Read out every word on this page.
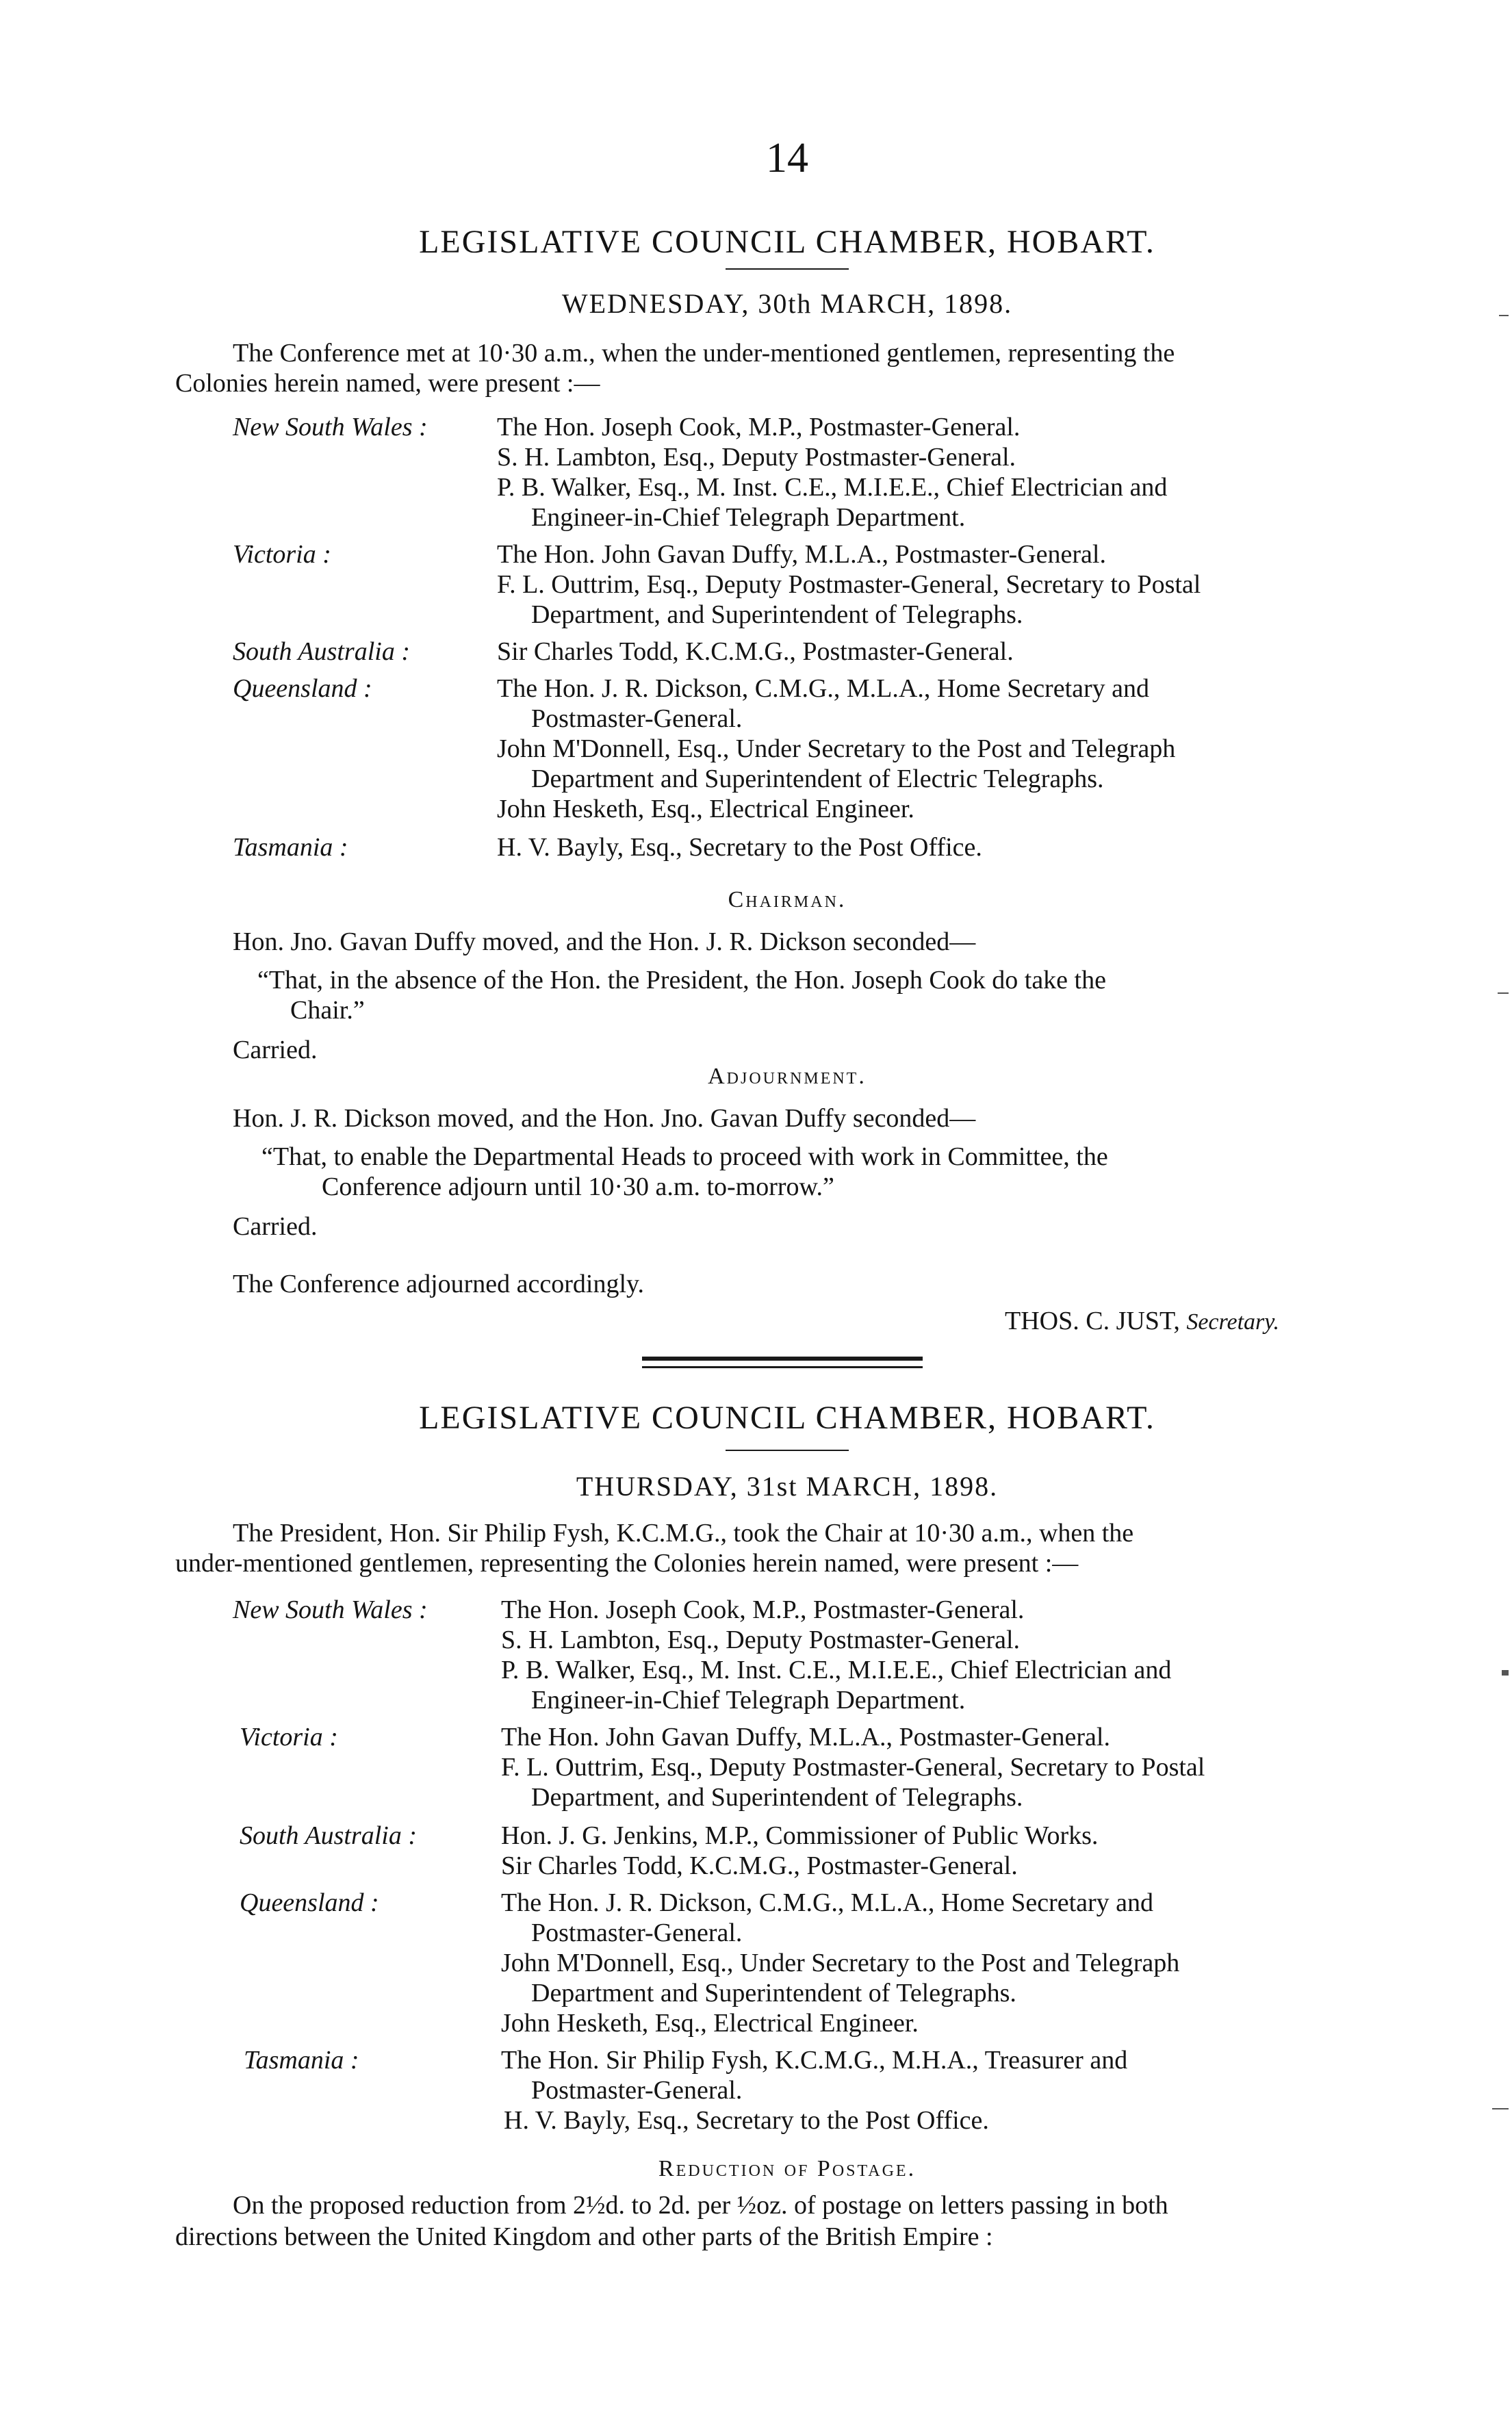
14
LEGISLATIVE COUNCIL CHAMBER, HOBART.
WEDNESDAY, 30th MARCH, 1898.
The Conference met at 10·30 a.m., when the under-mentioned gentlemen, representing the
Colonies herein named, were present :—
New South Wales :	The Hon. Joseph Cook, M.P., Postmaster-General.
S. H. Lambton, Esq., Deputy Postmaster-General.
P. B. Walker, Esq., M. Inst. C.E., M.I.E.E., Chief Electrician and
Engineer-in-Chief Telegraph Department.
Victoria :	The Hon. John Gavan Duffy, M.L.A., Postmaster-General.
F. L. Outtrim, Esq., Deputy Postmaster-General, Secretary to Postal
Department, and Superintendent of Telegraphs.
South Australia :	Sir Charles Todd, K.C.M.G., Postmaster-General.
Queensland :	The Hon. J. R. Dickson, C.M.G., M.L.A., Home Secretary and
Postmaster-General.
John M'Donnell, Esq., Under Secretary to the Post and Telegraph
Department and Superintendent of Electric Telegraphs.
John Hesketh, Esq., Electrical Engineer.
Tasmania :	H. V. Bayly, Esq., Secretary to the Post Office.
Chairman.
Hon. Jno. Gavan Duffy moved, and the Hon. J. R. Dickson seconded—
“That, in the absence of the Hon. the President, the Hon. Joseph Cook do take the
Chair.”
Carried.
Adjournment.
Hon. J. R. Dickson moved, and the Hon. Jno. Gavan Duffy seconded—
“That, to enable the Departmental Heads to proceed with work in Committee, the
Conference adjourn until 10·30 a.m. to-morrow.”
Carried.
The Conference adjourned accordingly.
THOS. C. JUST, Secretary.
LEGISLATIVE COUNCIL CHAMBER, HOBART.
THURSDAY, 31st MARCH, 1898.
The President, Hon. Sir Philip Fysh, K.C.M.G., took the Chair at 10·30 a.m., when the
under-mentioned gentlemen, representing the Colonies herein named, were present :—
New South Wales :	The Hon. Joseph Cook, M.P., Postmaster-General.
S. H. Lambton, Esq., Deputy Postmaster-General.
P. B. Walker, Esq., M. Inst. C.E., M.I.E.E., Chief Electrician and
Engineer-in-Chief Telegraph Department.
Victoria :	The Hon. John Gavan Duffy, M.L.A., Postmaster-General.
F. L. Outtrim, Esq., Deputy Postmaster-General, Secretary to Postal
Department, and Superintendent of Telegraphs.
South Australia :	Hon. J. G. Jenkins, M.P., Commissioner of Public Works.
Sir Charles Todd, K.C.M.G., Postmaster-General.
Queensland :	The Hon. J. R. Dickson, C.M.G., M.L.A., Home Secretary and
Postmaster-General.
John M'Donnell, Esq., Under Secretary to the Post and Telegraph
Department and Superintendent of Telegraphs.
John Hesketh, Esq., Electrical Engineer.
Tasmania :	The Hon. Sir Philip Fysh, K.C.M.G., M.H.A., Treasurer and
Postmaster-General.
H. V. Bayly, Esq., Secretary to the Post Office.
Reduction of Postage.
On the proposed reduction from 2½d. to 2d. per ½oz. of postage on letters passing in both
directions between the United Kingdom and other parts of the British Empire :
